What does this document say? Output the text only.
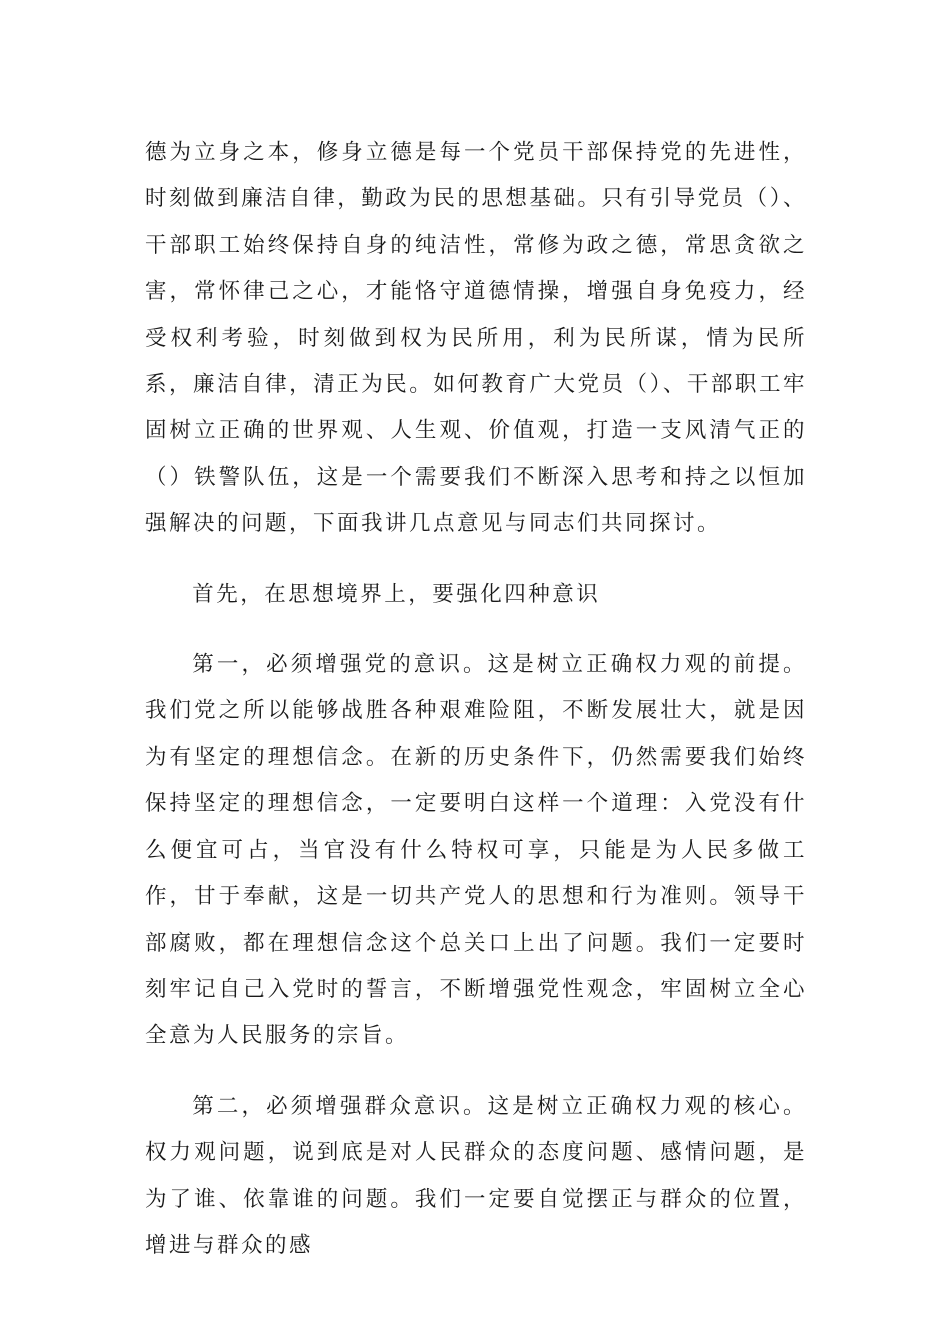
德为立身之本，修身立德是每一个党员干部保持党的先进性，时刻做到廉洁自律，勤政为民的思想基础。只有引导党员（）、干部职工始终保持自身的纯洁性，常修为政之德，常思贪欲之害，常怀律己之心，才能恪守道德情操，增强自身免疫力，经受权利考验，时刻做到权为民所用，利为民所谋，情为民所系，廉洁自律，清正为民。如何教育广大党员（）、干部职工牢固树立正确的世界观、人生观、价值观，打造一支风清气正的（）铁警队伍，这是一个需要我们不断深入思考和持之以恒加强解决的问题，下面我讲几点意见与同志们共同探讨。

首先，在思想境界上，要强化四种意识

第一，必须增强党的意识。这是树立正确权力观的前提。我们党之所以能够战胜各种艰难险阻，不断发展壮大，就是因为有坚定的理想信念。在新的历史条件下，仍然需要我们始终保持坚定的理想信念，一定要明白这样一个道理：入党没有什么便宜可占，当官没有什么特权可享，只能是为人民多做工作，甘于奉献，这是一切共产党人的思想和行为准则。领导干部腐败，都在理想信念这个总关口上出了问题。我们一定要时刻牢记自己入党时的誓言，不断增强党性观念，牢固树立全心全意为人民服务的宗旨。

第二，必须增强群众意识。这是树立正确权力观的核心。权力观问题，说到底是对人民群众的态度问题、感情问题，是为了谁、依靠谁的问题。我们一定要自觉摆正与群众的位置，增进与群众的感
